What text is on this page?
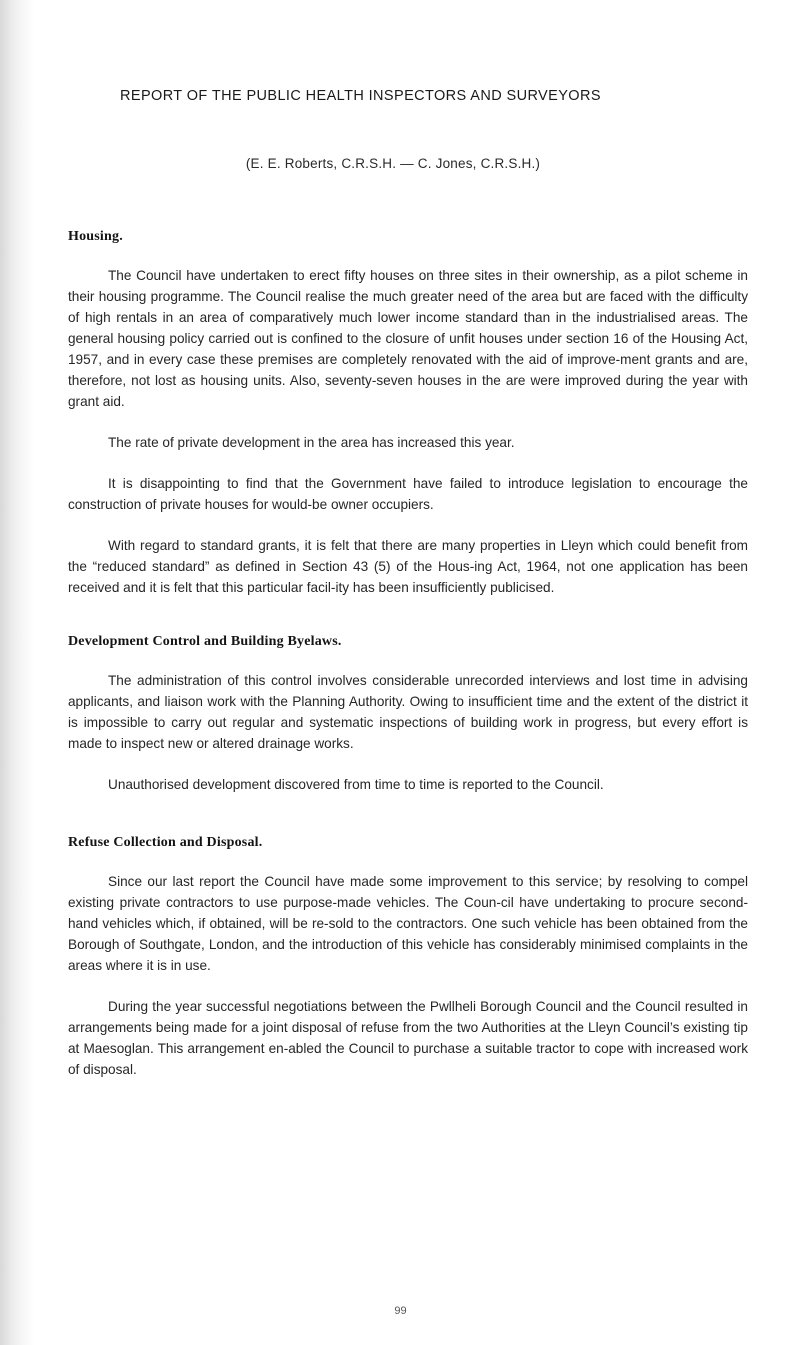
REPORT OF THE PUBLIC HEALTH INSPECTORS AND SURVEYORS
(E. E. Roberts, C.R.S.H. — C. Jones, C.R.S.H.)
Housing.

The Council have undertaken to erect fifty houses on three sites in their ownership, as a pilot scheme in their housing programme. The Council realise the much greater need of the area but are faced with the difficulty of high rentals in an area of comparatively much lower income standard than in the industrialised areas. The general housing policy carried out is confined to the closure of unfit houses under section 16 of the Housing Act, 1957, and in every case these premises are completely renovated with the aid of improve-ment grants and are, therefore, not lost as housing units. Also, seventy-seven houses in the are were improved during the year with grant aid.

The rate of private development in the area has increased this year.

It is disappointing to find that the Government have failed to introduce legislation to encourage the construction of private houses for would-be owner occupiers.

With regard to standard grants, it is felt that there are many properties in Lleyn which could benefit from the “reduced standard” as defined in Section 43 (5) of the Hous-ing Act, 1964, not one application has been received and it is felt that this particular facil-ity has been insufficiently publicised.

Development Control and Building Byelaws.

The administration of this control involves considerable unrecorded interviews and lost time in advising applicants, and liaison work with the Planning Authority. Owing to insufficient time and the extent of the district it is impossible to carry out regular and systematic inspections of building work in progress, but every effort is made to inspect new or altered drainage works.

Unauthorised development discovered from time to time is reported to the Council.

Refuse Collection and Disposal.

Since our last report the Council have made some improvement to this service; by resolving to compel existing private contractors to use purpose-made vehicles. The Coun-cil have undertaking to procure second-hand vehicles which, if obtained, will be re-sold to the contractors. One such vehicle has been obtained from the Borough of Southgate, London, and the introduction of this vehicle has considerably minimised complaints in the areas where it is in use.

During the year successful negotiations between the Pwllheli Borough Council and the Council resulted in arrangements being made for a joint disposal of refuse from the two Authorities at the Lleyn Council’s existing tip at Maesoglan. This arrangement en-abled the Council to purchase a suitable tractor to cope with increased work of disposal.

99
